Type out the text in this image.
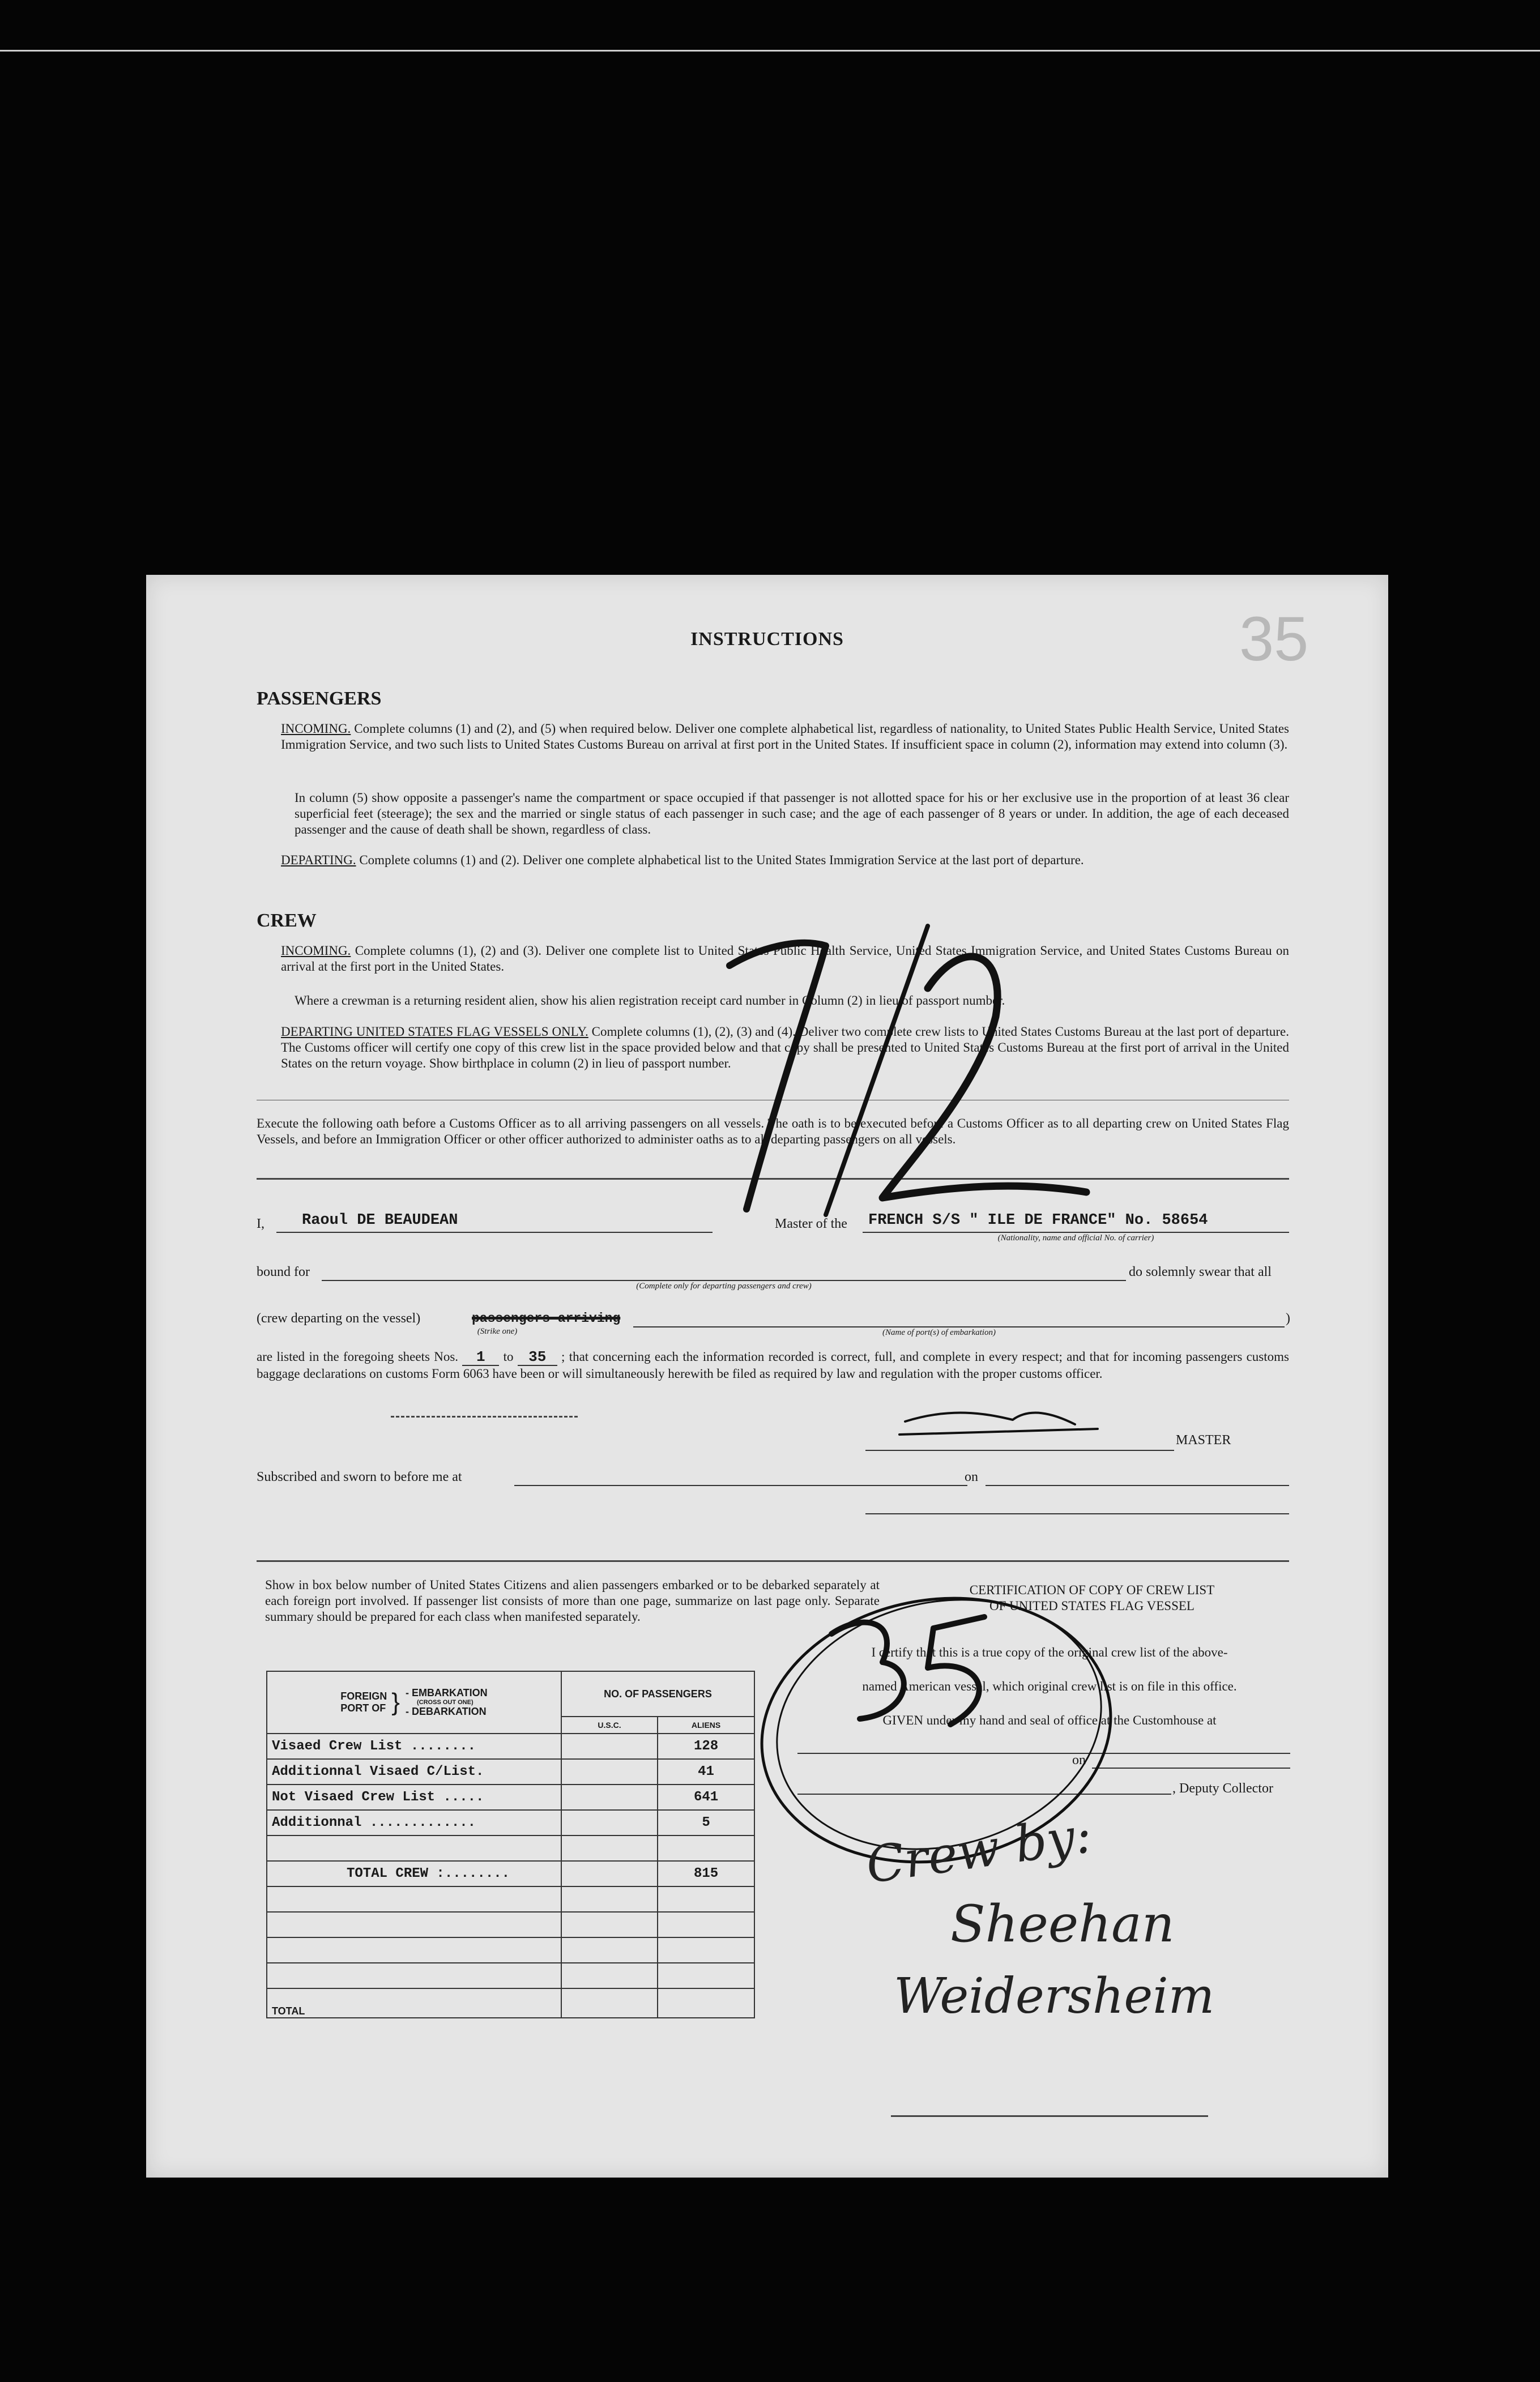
INSTRUCTIONS	35
PASSENGERS
INCOMING. Complete columns (1) and (2), and (5) when required below. Deliver one complete alphabetical list, regardless of nationality, to United States Public Health Service, United States Immigration Service, and two such lists to United States Customs Bureau on arrival at first port in the United States. If insufficient space in column (2), information may extend into column (3).
In column (5) show opposite a passenger's name the compartment or space occupied if that passenger is not allotted space for his or her exclusive use in the proportion of at least 36 clear superficial feet (steerage); the sex and the married or single status of each passenger in such case; and the age of each passenger of 8 years or under. In addition, the age of each deceased passenger and the cause of death shall be shown, regardless of class.
DEPARTING. Complete columns (1) and (2). Deliver one complete alphabetical list to the United States Immigration Service at the last port of departure.
CREW
INCOMING. Complete columns (1), (2) and (3). Deliver one complete list to United States Public Health Service, United States Immigration Service, and United States Customs Bureau on arrival at the first port in the United States.
Where a crewman is a returning resident alien, show his alien registration receipt card number in Column (2) in lieu of passport number.
DEPARTING UNITED STATES FLAG VESSELS ONLY. Complete columns (1), (2), (3) and (4). Deliver two complete crew lists to United States Customs Bureau at the last port of departure. The Customs officer will certify one copy of this crew list in the space provided below and that copy shall be presented to United States Customs Bureau at the first port of arrival in the United States on the return voyage. Show birthplace in column (2) in lieu of passport number.
Execute the following oath before a Customs Officer as to all arriving passengers on all vessels. The oath is to be executed before a Customs Officer as to all departing crew on United States Flag Vessels, and before an Immigration Officer or other officer authorized to administer oaths as to all departing passengers on all vessels.
I,	Raoul DE BEAUDEAN	Master of the	FRENCH S/S " ILE DE FRANCE" No. 58654
(Nationality, name and official No. of carrier)
bound for
(Complete only for departing passengers and crew)
do solemnly swear that all
(crew departing on the vessel)	passengers arriving
(Strike one)
)
(Name of port(s) of embarkation)
are listed in the foregoing sheets Nos. 1 to 35 ; that concerning each the information recorded is correct, full, and complete in every respect; and that for incoming passengers customs baggage declarations on customs Form 6063 have been or will simultaneously herewith be filed as required by law and regulation with the proper customs officer.
MASTER
Subscribed and sworn to before me at	on
Show in box below number of United States Citizens and alien passengers embarked or to be debarked separately at each foreign port involved. If passenger list consists of more than one page, summarize on last page only. Separate summary should be prepared for each class when manifested separately.
FOREIGN PORT OF } - EMBARKATION
(CROSS OUT ONE)
- DEBARKATION	NO. OF PASSENGERS	
	U.S.C.	ALIENS
Visaed Crew List ........		128
Additionnal Visaed C/List.		41
Not Visaed Crew List .....		641
Additionnal .............		5

TOTAL CREW :........		815

TOTAL		
CERTIFICATION OF COPY OF CREW LIST
OF UNITED STATES FLAG VESSEL
I certify that this is a true copy of the original crew list of the above-
named American vessel, which original crew list is on file in this office.
GIVEN under my hand and seal of office at the Customhouse at
on
, Deputy Collector
Crew by:
Sheehan
Weidersheim
